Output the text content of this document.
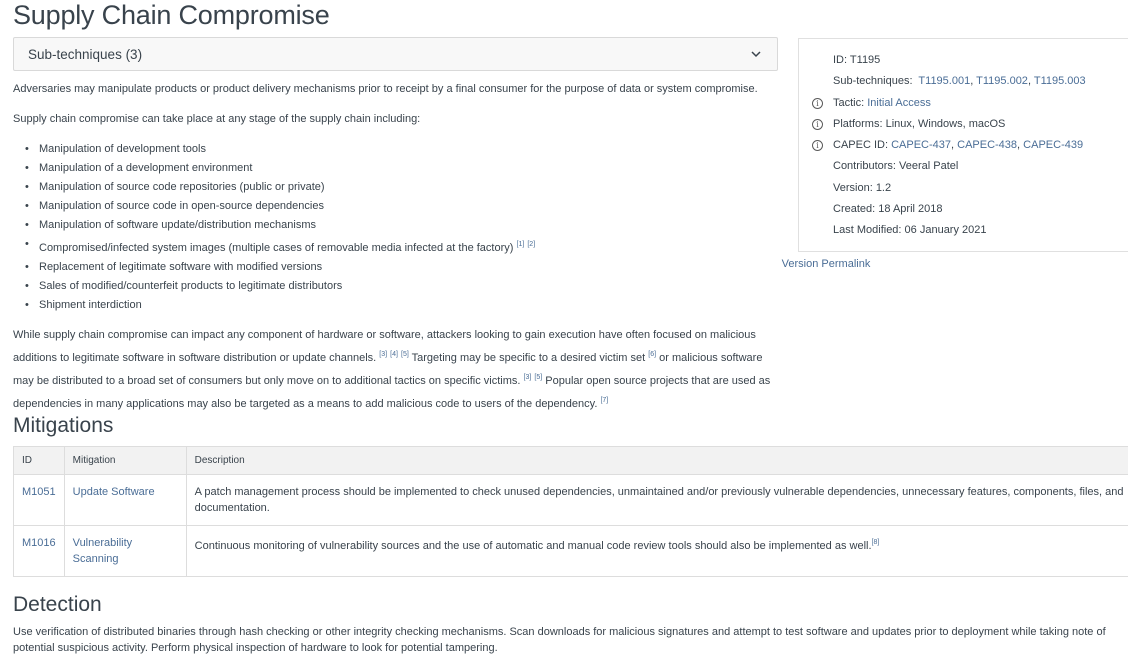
Supply Chain Compromise
Sub-techniques (3)

Adversaries may manipulate products or product delivery mechanisms prior to receipt by a final consumer for the purpose of data or system compromise.

Supply chain compromise can take place at any stage of the supply chain including:

• Manipulation of development tools
• Manipulation of a development environment
• Manipulation of source code repositories (public or private)
• Manipulation of source code in open-source dependencies
• Manipulation of software update/distribution mechanisms
• Compromised/infected system images (multiple cases of removable media infected at the factory) [1] [2]
• Replacement of legitimate software with modified versions
• Sales of modified/counterfeit products to legitimate distributors
• Shipment interdiction

While supply chain compromise can impact any component of hardware or software, attackers looking to gain execution have often focused on malicious additions to legitimate software in software distribution or update channels. [3] [4] [5] Targeting may be specific to a desired victim set [6] or malicious software may be distributed to a broad set of consumers but only move on to additional tactics on specific victims. [3] [5] Popular open source projects that are used as dependencies in many applications may also be targeted as a means to add malicious code to users of the dependency. [7]

ID: T1195
Sub-techniques: T1195.001, T1195.002, T1195.003
i	Tactic: Initial Access
i	Platforms: Linux, Windows, macOS
i	CAPEC ID: CAPEC-437, CAPEC-438, CAPEC-439
Contributors: Veeral Patel
Version: 1.2
Created: 18 April 2018
Last Modified: 06 January 2021
Version Permalink
Mitigations
ID	Mitigation	Description
M1051	Update Software	A patch management process should be implemented to check unused dependencies, unmaintained and/or previously vulnerable dependencies, unnecessary features, components, files, and documentation.
M1016	Vulnerability Scanning	Continuous monitoring of vulnerability sources and the use of automatic and manual code review tools should also be implemented as well.[8]
Detection

Use verification of distributed binaries through hash checking or other integrity checking mechanisms. Scan downloads for malicious signatures and attempt to test software and updates prior to deployment while taking note of potential suspicious activity. Perform physical inspection of hardware to look for potential tampering.
